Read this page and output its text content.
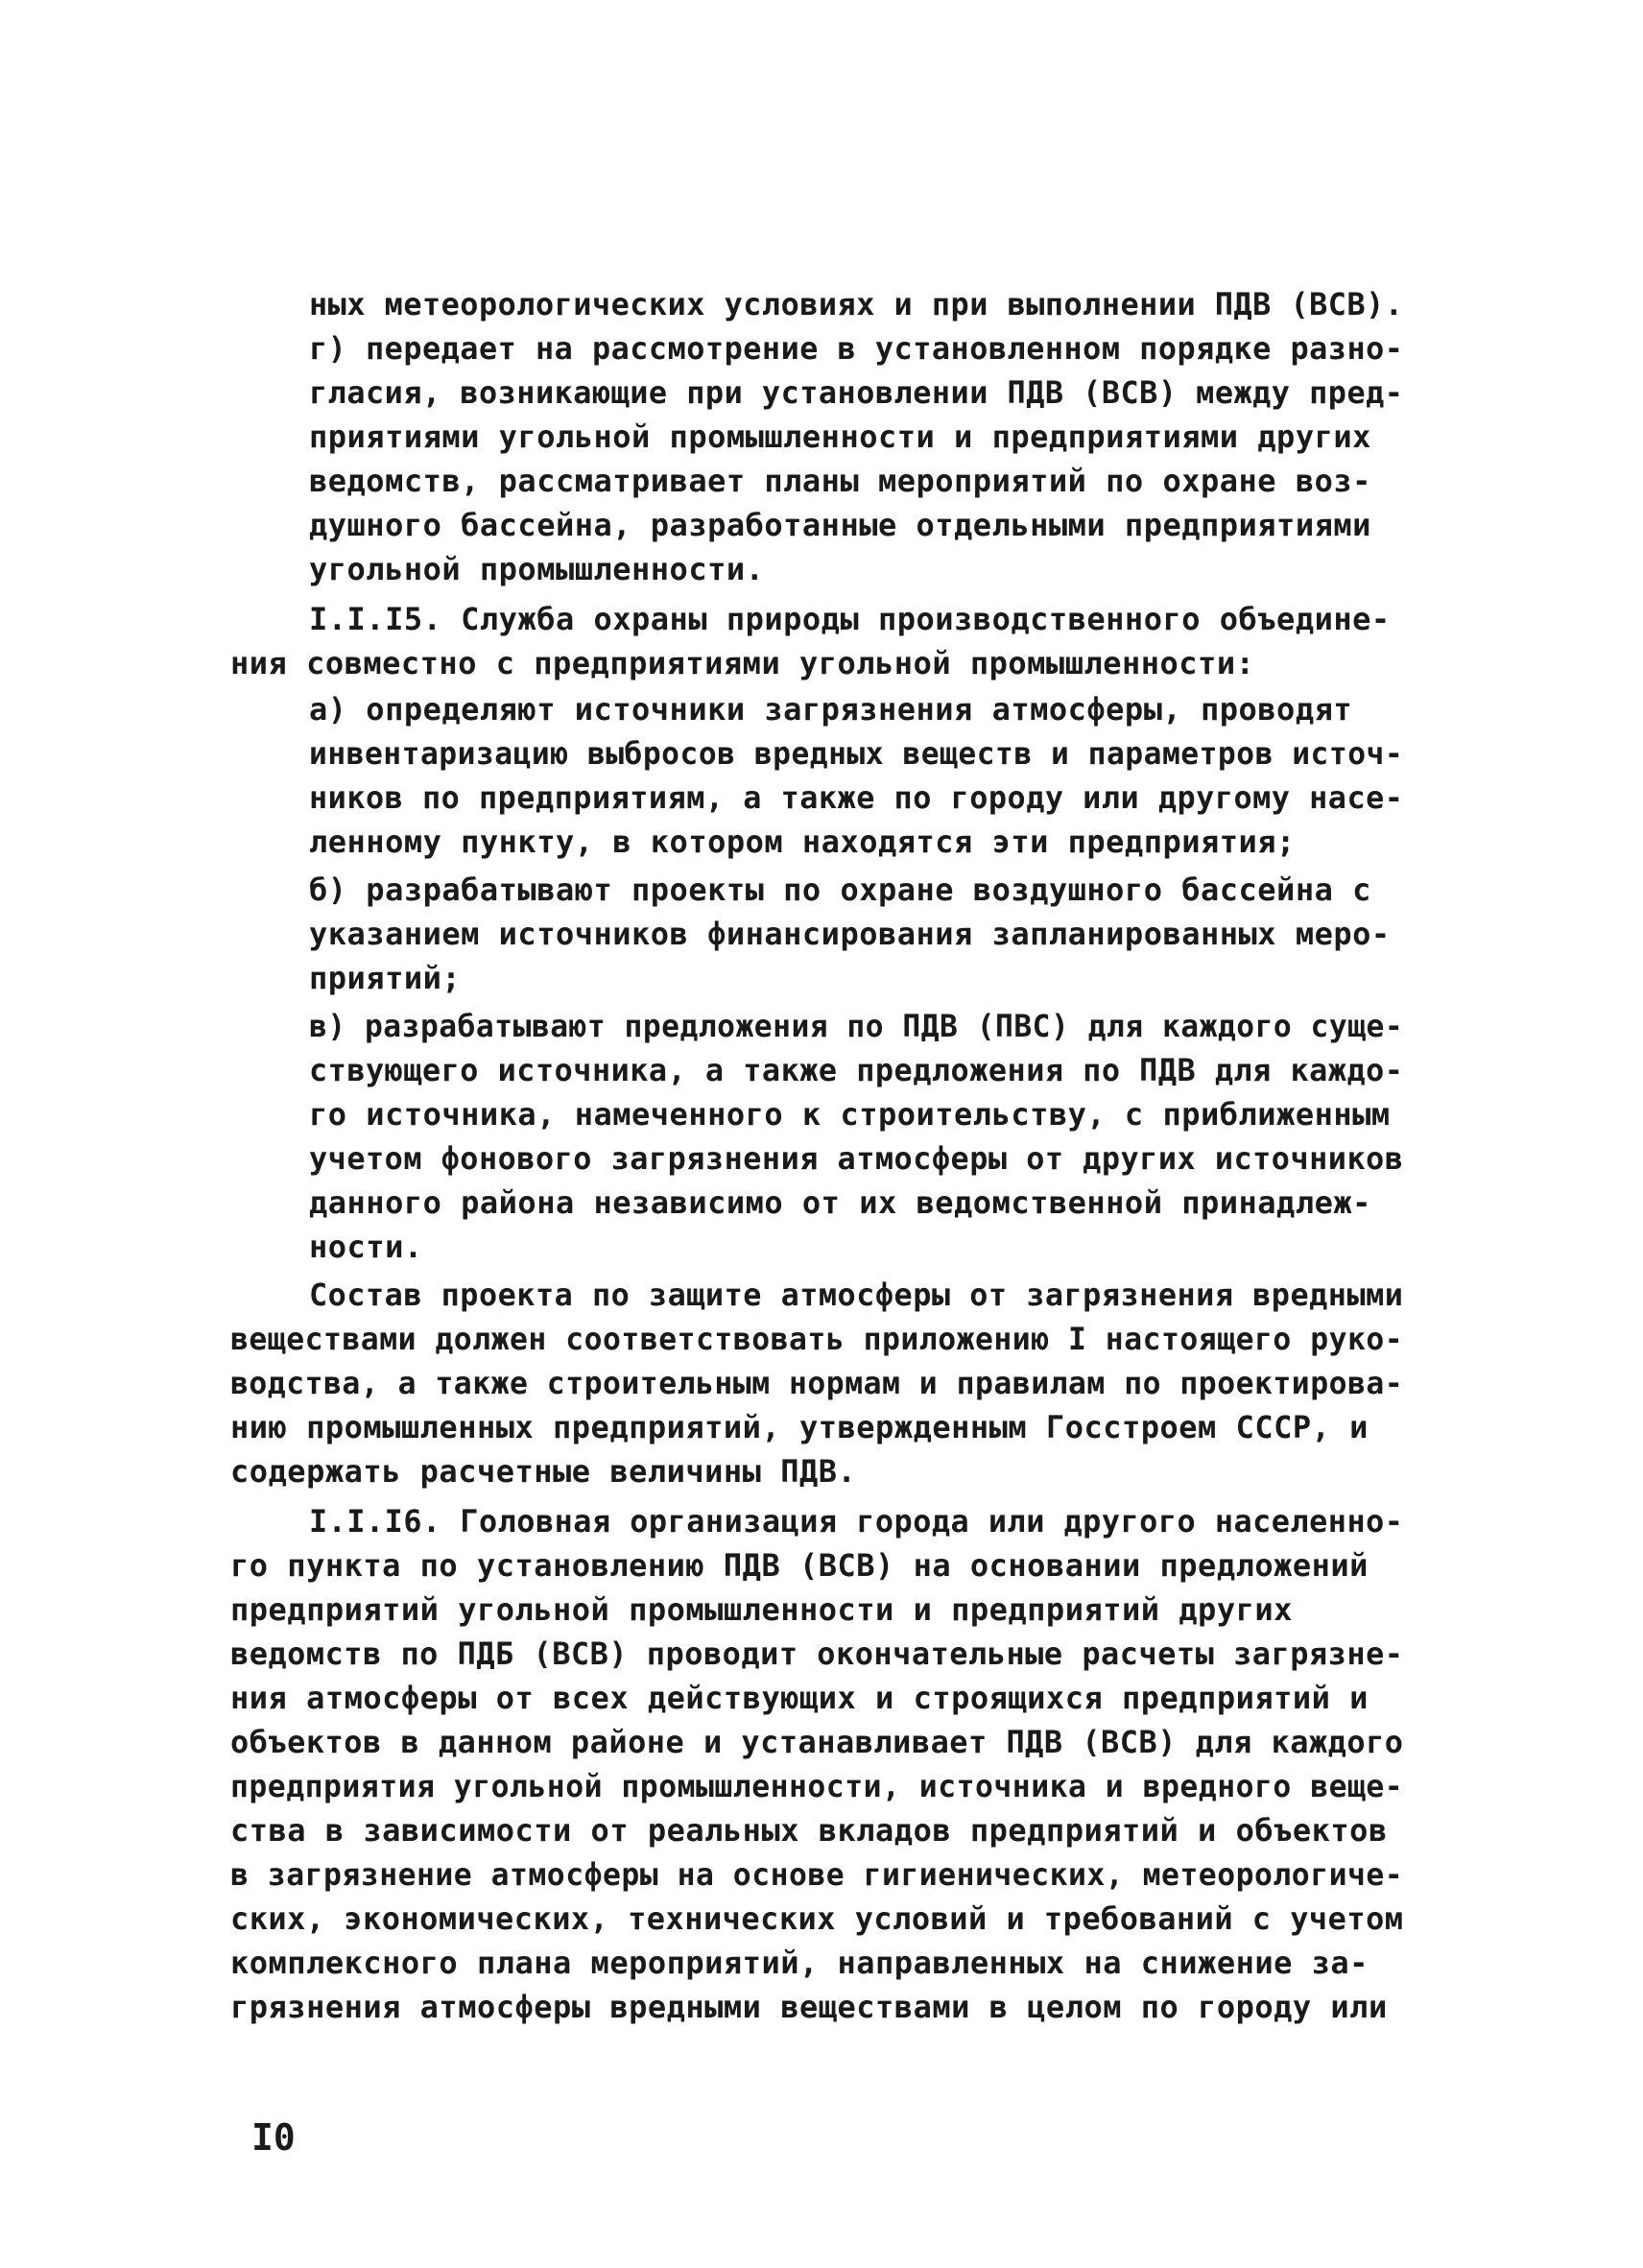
ных метеорологических условиях и при выполнении ПДВ (ВСВ).
г) передает на рассмотрение в установленном порядке разно-
гласия, возникающие при установлении ПДВ (ВСВ) между пред-
приятиями угольной промышленности и предприятиями других
ведомств, рассматривает планы мероприятий по охране воз-
душного бассейна, разработанные отдельными предприятиями
угольной промышленности.
I.I.I5. Служба охраны природы производственного объедине-
ния совместно с предприятиями угольной промышленности:
а) определяют источники загрязнения атмосферы, проводят
инвентаризацию выбросов вредных веществ и параметров источ-
ников по предприятиям, а также по городу или другому насе-
ленному пункту, в котором находятся эти предприятия;
б) разрабатывают проекты по охране воздушного бассейна с
указанием источников финансирования запланированных меро-
приятий;
в) разрабатывают предложения по ПДВ (ПВС) для каждого суще-
ствующего источника, а также предложения по ПДВ для каждо-
го источника, намеченного к строительству, с приближенным
учетом фонового загрязнения атмосферы от других источников
данного района независимо от их ведомственной принадлеж-
ности.
Состав проекта по защите атмосферы от загрязнения вредными
веществами должен соответствовать приложению I настоящего руко-
водства, а также строительным нормам и правилам по проектирова-
нию промышленных предприятий, утвержденным Госстроем СССР, и
содержать расчетные величины ПДВ.
I.I.I6. Головная организация города или другого населенно-
го пункта по установлению ПДВ (ВСВ) на основании предложений
предприятий угольной промышленности и предприятий других
ведомств по ПДБ (ВСВ) проводит окончательные расчеты загрязне-
ния атмосферы от всех действующих и строящихся предприятий и
объектов в данном районе и устанавливает ПДВ (ВСВ) для каждого
предприятия угольной промышленности, источника и вредного веще-
ства в зависимости от реальных вкладов предприятий и объектов
в загрязнение атмосферы на основе гигиенических, метеорологиче-
ских, экономических, технических условий и требований с учетом
комплексного плана мероприятий, направленных на снижение за-
грязнения атмосферы вредными веществами в целом по городу или
I0
